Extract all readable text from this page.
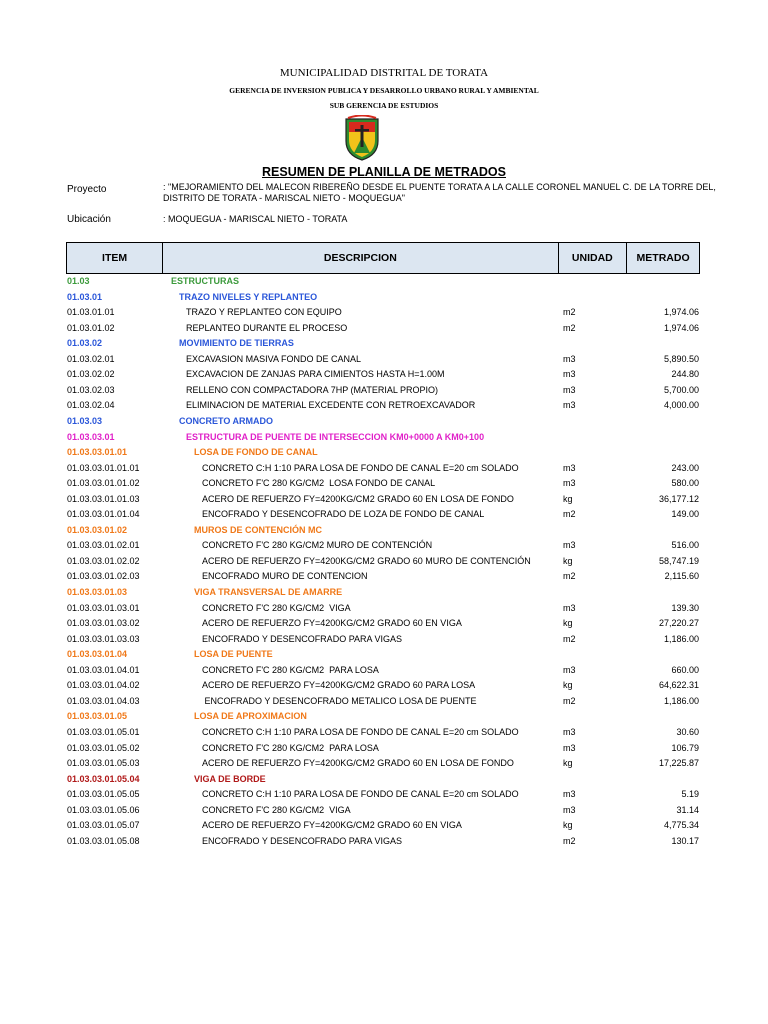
MUNICIPALIDAD DISTRITAL DE TORATA
GERENCIA DE INVERSION PUBLICA Y DESARROLLO URBANO RURAL Y AMBIENTAL
SUB GERENCIA DE ESTUDIOS
RESUMEN DE PLANILLA DE METRADOS
Proyecto	: "MEJORAMIENTO DEL MALECON RIBEREÑO DESDE EL PUENTE TORATA A LA CALLE CORONEL MANUEL C. DE LA TORRE DEL, DISTRITO DE TORATA - MARISCAL NIETO - MOQUEGUA"
Ubicación	: MOQUEGUA - MARISCAL NIETO - TORATA
ITEM	DESCRIPCION	UNIDAD	METRADO
01.03	ESTRUCTURAS
01.03.01	TRAZO NIVELES Y REPLANTEO
01.03.01.01	TRAZO Y REPLANTEO CON EQUIPO	m2	1,974.06
01.03.01.02	REPLANTEO DURANTE EL PROCESO	m2	1,974.06
01.03.02	MOVIMIENTO DE TIERRAS
01.03.02.01	EXCAVASION MASIVA FONDO DE CANAL	m3	5,890.50
01.03.02.02	EXCAVACION DE ZANJAS PARA CIMIENTOS HASTA H=1.00M	m3	244.80
01.03.02.03	RELLENO CON COMPACTADORA 7HP (MATERIAL PROPIO)	m3	5,700.00
01.03.02.04	ELIMINACION DE MATERIAL EXCEDENTE CON RETROEXCAVADOR	m3	4,000.00
01.03.03	CONCRETO ARMADO
01.03.03.01	ESTRUCTURA DE PUENTE DE INTERSECCION KM0+0000 A KM0+100
01.03.03.01.01	LOSA DE FONDO DE CANAL
01.03.03.01.01.01	CONCRETO C:H 1:10 PARA LOSA DE FONDO DE CANAL E=20 cm SOLADO	m3	243.00
01.03.03.01.01.02	CONCRETO F'C 280 KG/CM2  LOSA FONDO DE CANAL	m3	580.00
01.03.03.01.01.03	ACERO DE REFUERZO FY=4200KG/CM2 GRADO 60 EN LOSA DE FONDO	kg	36,177.12
01.03.03.01.01.04	ENCOFRADO Y DESENCOFRADO DE LOZA DE FONDO DE CANAL	m2	149.00
01.03.03.01.02	MUROS DE CONTENCIÓN MC
01.03.03.01.02.01	CONCRETO F'C 280 KG/CM2 MURO DE CONTENCIÓN	m3	516.00
01.03.03.01.02.02	ACERO DE REFUERZO FY=4200KG/CM2 GRADO 60 MURO DE CONTENCIÓN	kg	58,747.19
01.03.03.01.02.03	ENCOFRADO MURO DE CONTENCION	m2	2,115.60
01.03.03.01.03	VIGA TRANSVERSAL DE AMARRE
01.03.03.01.03.01	CONCRETO F'C 280 KG/CM2  VIGA	m3	139.30
01.03.03.01.03.02	ACERO DE REFUERZO FY=4200KG/CM2 GRADO 60 EN VIGA	kg	27,220.27
01.03.03.01.03.03	ENCOFRADO Y DESENCOFRADO PARA VIGAS	m2	1,186.00
01.03.03.01.04	LOSA DE PUENTE
01.03.03.01.04.01	CONCRETO F'C 280 KG/CM2  PARA LOSA	m3	660.00
01.03.03.01.04.02	ACERO DE REFUERZO FY=4200KG/CM2 GRADO 60 PARA LOSA	kg	64,622.31
01.03.03.01.04.03	ENCOFRADO Y DESENCOFRADO METALICO LOSA DE PUENTE	m2	1,186.00
01.03.03.01.05	LOSA DE APROXIMACION
01.03.03.01.05.01	CONCRETO C:H 1:10 PARA LOSA DE FONDO DE CANAL E=20 cm SOLADO	m3	30.60
01.03.03.01.05.02	CONCRETO F'C 280 KG/CM2  PARA LOSA	m3	106.79
01.03.03.01.05.03	ACERO DE REFUERZO FY=4200KG/CM2 GRADO 60 EN LOSA DE FONDO	kg	17,225.87
01.03.03.01.05.04	VIGA DE BORDE
01.03.03.01.05.05	CONCRETO C:H 1:10 PARA LOSA DE FONDO DE CANAL E=20 cm SOLADO	m3	5.19
01.03.03.01.05.06	CONCRETO F'C 280 KG/CM2  VIGA	m3	31.14
01.03.03.01.05.07	ACERO DE REFUERZO FY=4200KG/CM2 GRADO 60 EN VIGA	kg	4,775.34
01.03.03.01.05.08	ENCOFRADO Y DESENCOFRADO PARA VIGAS	m2	130.17
